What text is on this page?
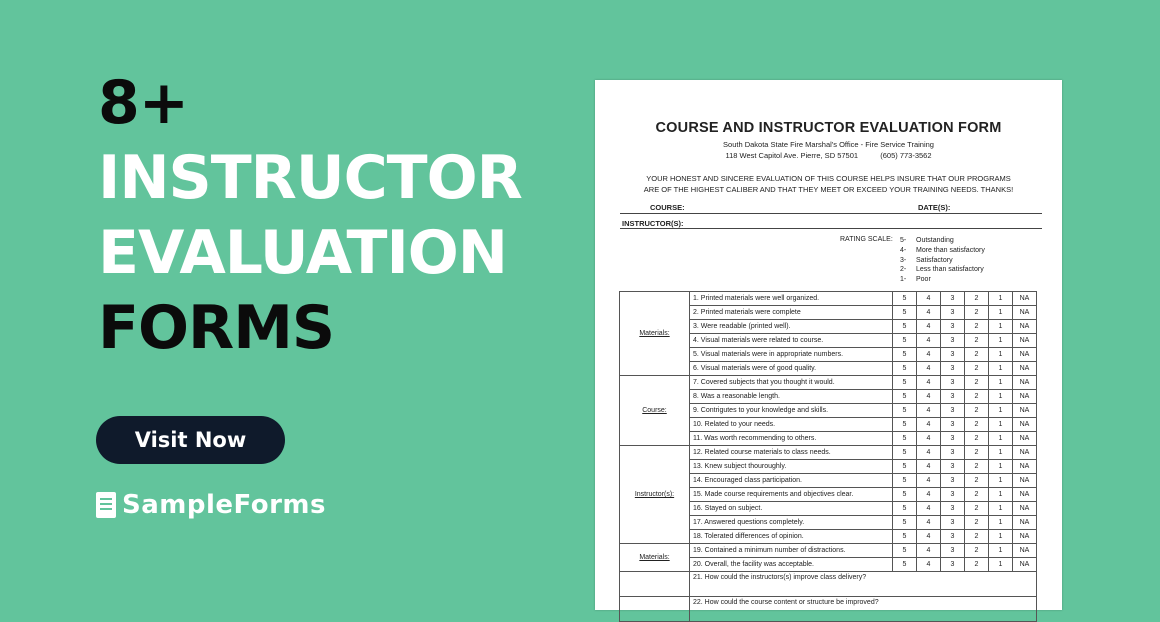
8+
INSTRUCTOR
EVALUATION
FORMS
Visit Now
SampleForms
COURSE AND INSTRUCTOR EVALUATION FORM
South Dakota State Fire Marshal's Office - Fire Service Training
118 West Capitol Ave. Pierre, SD 57501	(605) 773-3562
YOUR HONEST AND SINCERE EVALUATION OF THIS COURSE HELPS INSURE THAT OUR PROGRAMS
ARE OF THE HIGHEST CALIBER AND THAT THEY MEET OR EXCEED YOUR TRAINING NEEDS. THANKS!
COURSE:	DATE(S):
INSTRUCTOR(S):
RATING SCALE: 5-	Outstanding
4-	More than satisfactory
3-	Satisfactory
2-	Less than satisfactory
1-	Poor
Materials:	1. Printed materials were well organized.	5	4	3	2	1	NA
	2. Printed materials were complete	5	4	3	2	1	NA
	3. Were readable (printed well).	5	4	3	2	1	NA
	4. Visual materials were related to course.	5	4	3	2	1	NA
	5. Visual materials were in appropriate numbers.	5	4	3	2	1	NA
	6. Visual materials were of good quality.	5	4	3	2	1	NA
Course:	7. Covered subjects that you thought it would.	5	4	3	2	1	NA
	8. Was a reasonable length.	5	4	3	2	1	NA
	9. Contrigutes to your knowledge and skills.	5	4	3	2	1	NA
	10. Related to your needs.	5	4	3	2	1	NA
	11. Was worth recommending to others.	5	4	3	2	1	NA
Instructor(s):	12. Related course materials to class needs.	5	4	3	2	1	NA
	13. Knew subject thouroughly.	5	4	3	2	1	NA
	14. Encouraged class participation.	5	4	3	2	1	NA
	15. Made course requirements and objectives clear.	5	4	3	2	1	NA
	16. Stayed on subject.	5	4	3	2	1	NA
	17. Answered questions completely.	5	4	3	2	1	NA
	18. Tolerated differences of opinion.	5	4	3	2	1	NA
Materials:	19. Contained a minimum number of distractions.	5	4	3	2	1	NA
	20. Overall, the facility was acceptable.	5	4	3	2	1	NA
	21. How could the instructors(s) improve class delivery?						
	22. How could the course content or structure be improved?						
